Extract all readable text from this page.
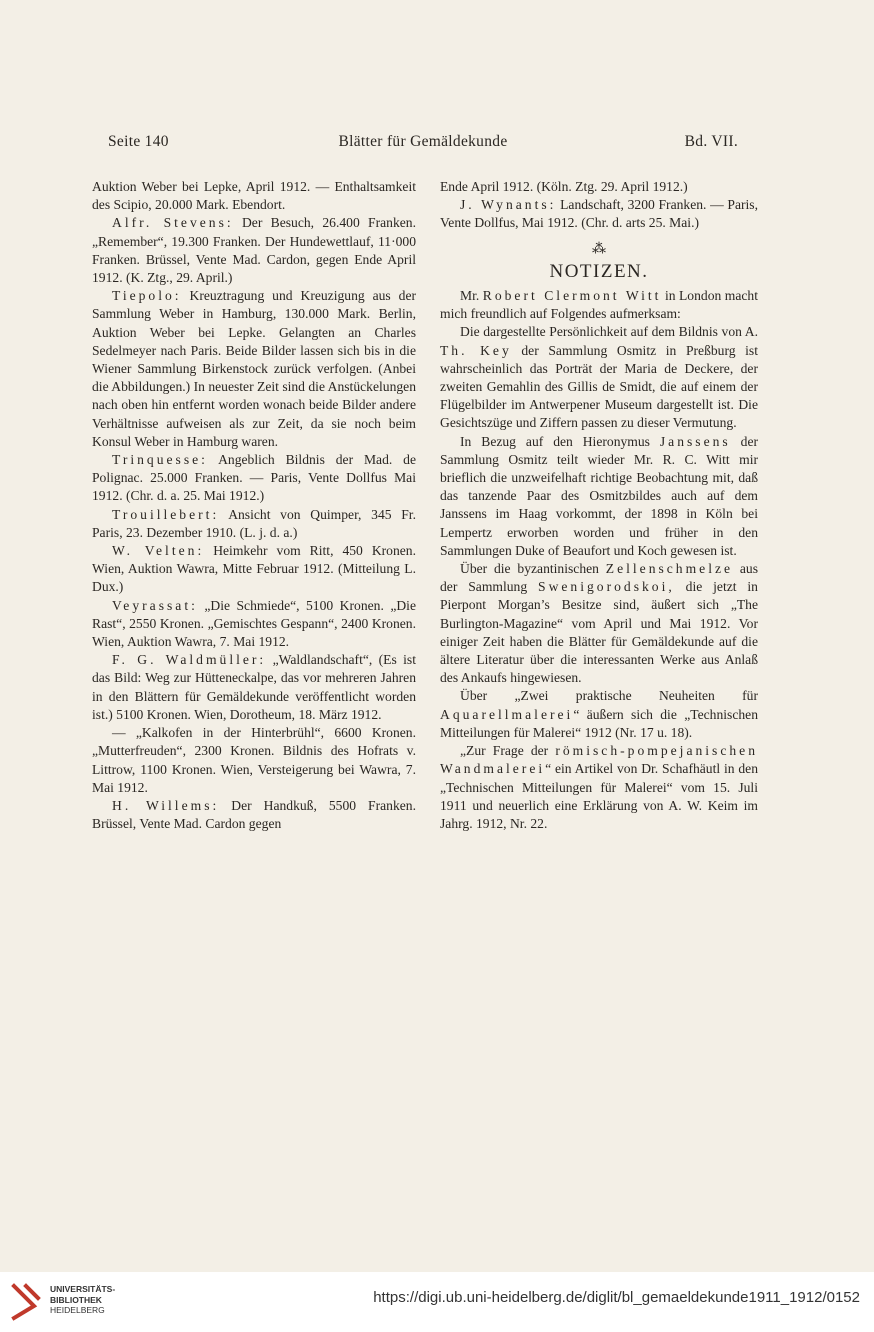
Seite 140	Blätter für Gemäldekunde	Bd. VII.

Auktion Weber bei Lepke, April 1912. — Enthaltsamkeit des Scipio, 20.000 Mark. Ebendort.

Alfr. Stevens: Der Besuch, 26.400 Franken. „Remember“, 19.300 Franken. Der Hundewettlauf, 11·000 Franken. Brüssel, Vente Mad. Cardon, gegen Ende April 1912. (K. Ztg., 29. April.)

Tiepolo: Kreuztragung und Kreuzigung aus der Sammlung Weber in Hamburg, 130.000 Mark. Berlin, Auktion Weber bei Lepke. Gelangten an Charles Sedelmeyer nach Paris. Beide Bilder lassen sich bis in die Wiener Sammlung Birkenstock zurück verfolgen. (Anbei die Abbildungen.) In neuester Zeit sind die Anstückelungen nach oben hin entfernt worden wonach beide Bilder andere Verhältnisse aufweisen als zur Zeit, da sie noch beim Konsul Weber in Hamburg waren.

Trinquesse: Angeblich Bildnis der Mad. de Polignac. 25.000 Franken. — Paris, Vente Dollfus Mai 1912. (Chr. d. a. 25. Mai 1912.)

Trouillebert: Ansicht von Quimper, 345 Fr. Paris, 23. Dezember 1910. (L. j. d. a.)

W. Velten: Heimkehr vom Ritt, 450 Kronen. Wien, Auktion Wawra, Mitte Februar 1912. (Mitteilung L. Dux.)

Veyrassat: „Die Schmiede“, 5100 Kronen. „Die Rast“, 2550 Kronen. „Gemischtes Gespann“, 2400 Kronen. Wien, Auktion Wawra, 7. Mai 1912.

F. G. Waldmüller: „Waldlandschaft“, (Es ist das Bild: Weg zur Hütteneckalpe, das vor mehreren Jahren in den Blättern für Gemäldekunde veröffentlicht worden ist.) 5100 Kronen. Wien, Dorotheum, 18. März 1912.

— „Kalkofen in der Hinterbrühl“, 6600 Kronen. „Mutterfreuden“, 2300 Kronen. Bildnis des Hofrats v. Littrow, 1100 Kronen. Wien, Versteigerung bei Wawra, 7. Mai 1912.

H. Willems: Der Handkuß, 5500 Franken. Brüssel, Vente Mad. Cardon gegen

Ende April 1912. (Köln. Ztg. 29. April 1912.)

J. Wynants: Landschaft, 3200 Franken. — Paris, Vente Dollfus, Mai 1912. (Chr. d. arts 25. Mai.)

⁂
NOTIZEN.

Mr. Robert Clermont Witt in London macht mich freundlich auf Folgendes aufmerksam:

Die dargestellte Persönlichkeit auf dem Bildnis von A. Th. Key der Sammlung Osmitz in Preßburg ist wahrscheinlich das Porträt der Maria de Deckere, der zweiten Gemahlin des Gillis de Smidt, die auf einem der Flügelbilder im Antwerpener Museum dargestellt ist. Die Gesichtszüge und Ziffern passen zu dieser Vermutung.

In Bezug auf den Hieronymus Janssens der Sammlung Osmitz teilt wieder Mr. R. C. Witt mir brieflich die unzweifelhaft richtige Beobachtung mit, daß das tanzende Paar des Osmitzbildes auch auf dem Janssens im Haag vorkommt, der 1898 in Köln bei Lempertz erworben worden und früher in den Sammlungen Duke of Beaufort und Koch gewesen ist.

Über die byzantinischen Zellenschmelze aus der Sammlung Swenigorodskoi, die jetzt in Pierpont Morgan’s Besitze sind, äußert sich „The Burlington-Magazine“ vom April und Mai 1912. Vor einiger Zeit haben die Blätter für Gemäldekunde auf die ältere Literatur über die interessanten Werke aus Anlaß des Ankaufs hingewiesen.

Über „Zwei praktische Neuheiten für Aquarellmalerei“ äußern sich die „Technischen Mitteilungen für Malerei“ 1912 (Nr. 17 u. 18).

„Zur Frage der römisch-pompejanischen Wandmalerei“ ein Artikel von Dr. Schafhäutl in den „Technischen Mitteilungen für Malerei“ vom 15. Juli 1911 und neuerlich eine Erklärung von A. W. Keim im Jahrg. 1912, Nr. 22.

UNIVERSITÄTS-
BIBLIOTHEK
HEIDELBERG
https://digi.ub.uni-heidelberg.de/diglit/bl_gemaeldekunde1911_1912/0152
